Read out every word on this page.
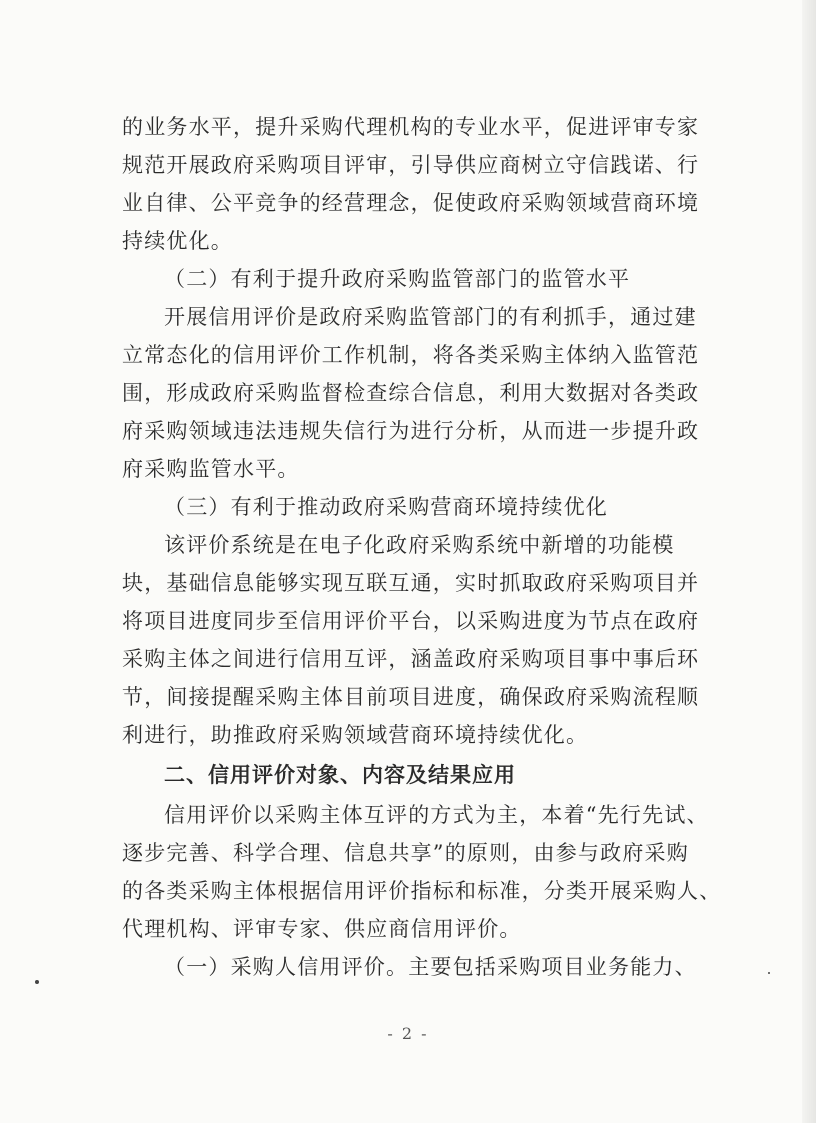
的业务水平，提升采购代理机构的专业水平，促进评审专家
规范开展政府采购项目评审，引导供应商树立守信践诺、行
业自律、公平竞争的经营理念，促使政府采购领域营商环境
持续优化。
（二）有利于提升政府采购监管部门的监管水平
开展信用评价是政府采购监管部门的有利抓手，通过建
立常态化的信用评价工作机制，将各类采购主体纳入监管范
围，形成政府采购监督检查综合信息，利用大数据对各类政
府采购领域违法违规失信行为进行分析，从而进一步提升政
府采购监管水平。
（三）有利于推动政府采购营商环境持续优化
该评价系统是在电子化政府采购系统中新增的功能模
块，基础信息能够实现互联互通，实时抓取政府采购项目并
将项目进度同步至信用评价平台，以采购进度为节点在政府
采购主体之间进行信用互评，涵盖政府采购项目事中事后环
节，间接提醒采购主体目前项目进度，确保政府采购流程顺
利进行，助推政府采购领域营商环境持续优化。
二、信用评价对象、内容及结果应用
信用评价以采购主体互评的方式为主，本着“先行先试、
逐步完善、科学合理、信息共享”的原则，由参与政府采购
的各类采购主体根据信用评价指标和标准，分类开展采购人、
代理机构、评审专家、供应商信用评价。
（一）采购人信用评价。主要包括采购项目业务能力、
- 2 -
